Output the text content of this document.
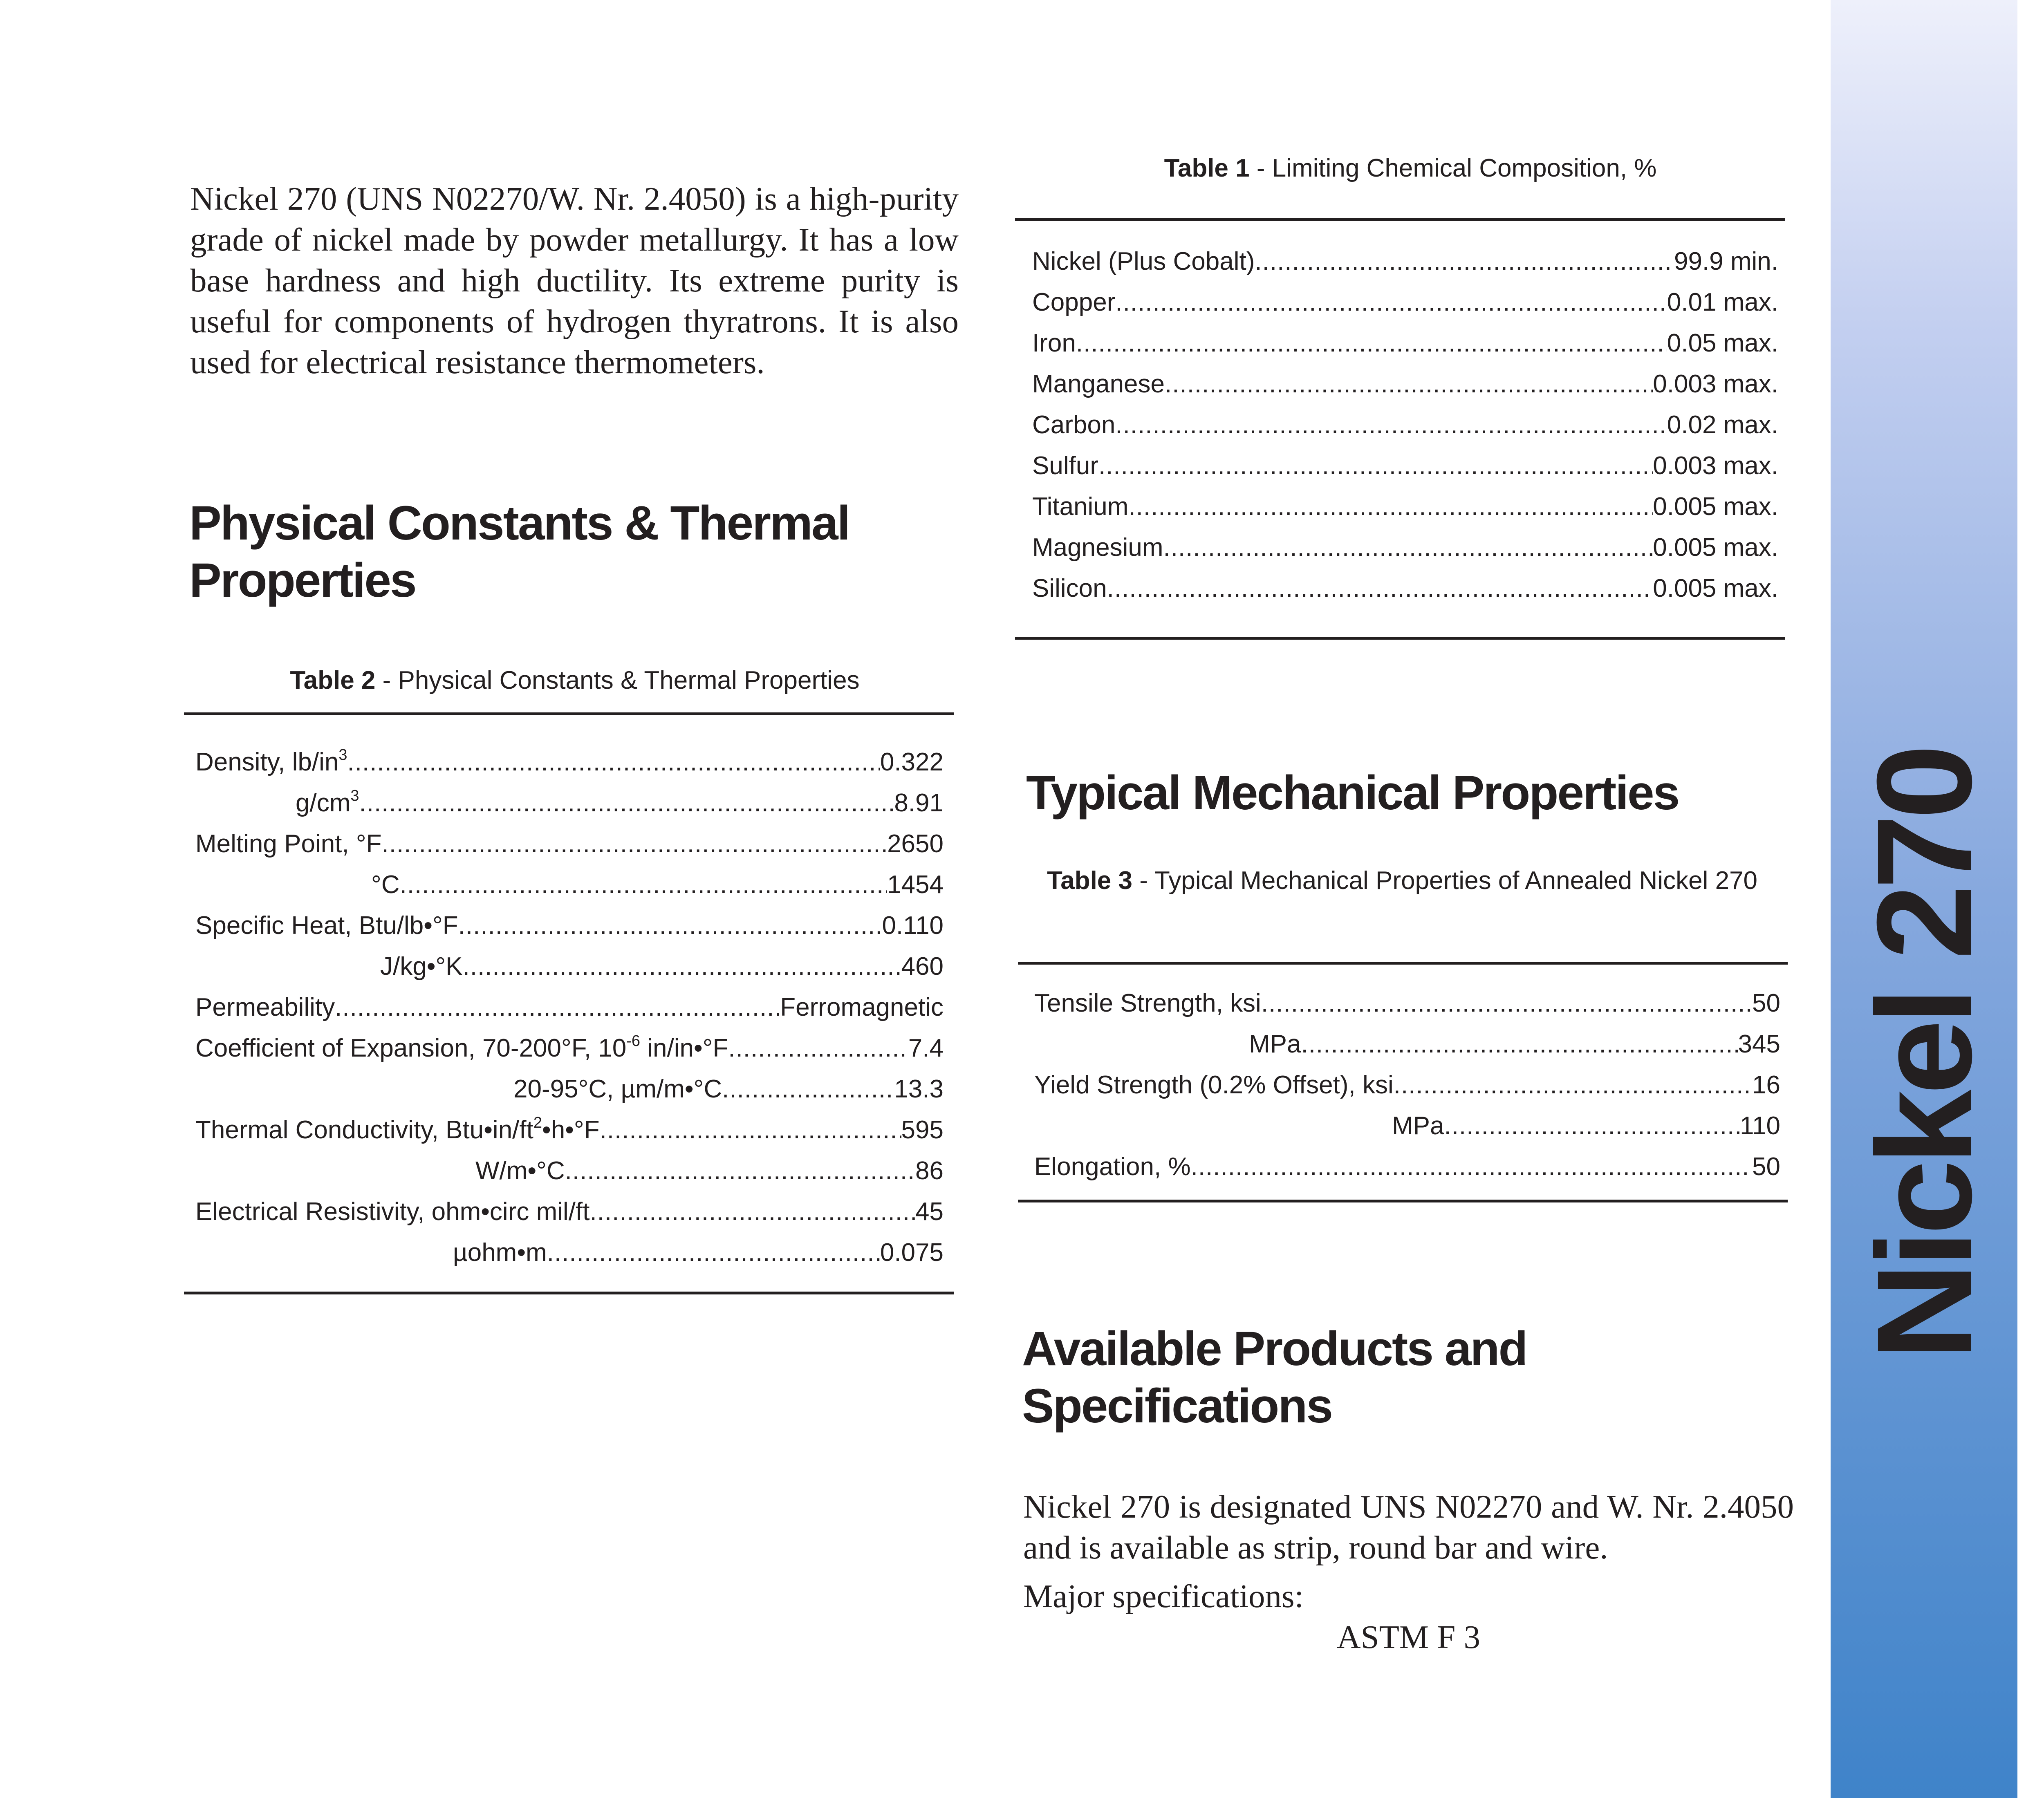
Nickel 270 (UNS N02270/W. Nr. 2.4050) is a high-purity grade of nickel made by powder metallurgy. It has a low base hardness and high ductility. Its extreme purity is useful for components of hydrogen thyratrons. It is also used for electrical resistance thermometers.

Table 1 - Limiting Chemical Composition, %
Nickel (Plus Cobalt) .....	99.9 min.
Copper .....	0.01 max.
Iron .....	0.05 max.
Manganese .....	0.003 max.
Carbon .....	0.02 max.
Sulfur .....	0.003 max.
Titanium .....	0.005 max.
Magnesium .....	0.005 max.
Silicon .....	0.005 max.
Physical Constants & Thermal Properties
Table 2 - Physical Constants & Thermal Properties
Density, $lb/in^3$ .....	0.322
$g/cm^3$ .....	8.91
Melting Point, °F .....	2650
°C .....	1454
Specific Heat, Btu/lb•°F .....	0.110
J/kg•°K .....	460
Permeability .....	Ferromagnetic
Coefficient of Expansion, 70-200°F, $10^{-6}$ in/in•°F .....	7.4
20-95°C, µm/m•°C .....	13.3
Thermal Conductivity, $Btu•in/ft^2•h•^\circ F$ .....	595
W/m•°C .....	86
Electrical Resistivity, ohm•circ mil/ft .....	45
µohm•m .....	0.075
Typical Mechanical Properties
Table 3 - Typical Mechanical Properties of Annealed Nickel 270
Tensile Strength, ksi .....	50
MPa .....	345
Yield Strength (0.2% Offset), ksi .....	16
MPa .....	110
Elongation, % .....	50
Available Products and Specifications

Nickel 270 is designated UNS N02270 and W. Nr. 2.4050 and is available as strip, round bar and wire.

Major specifications:
ASTM F 3
Nickel 270
